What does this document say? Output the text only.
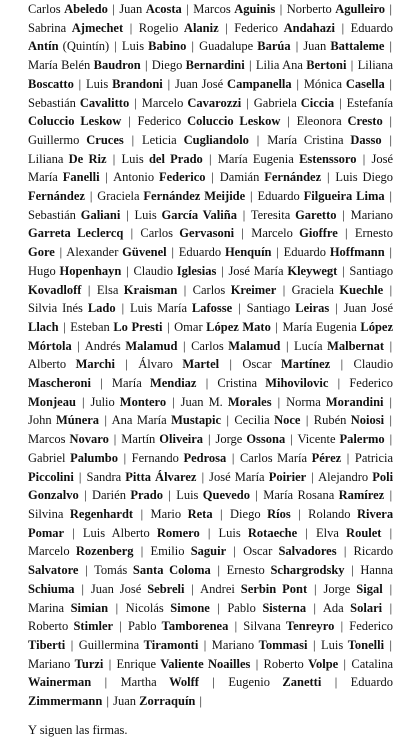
Carlos Abeledo | Juan Acosta | Marcos Aguinis | Norberto Agulleiro | Sabrina Ajmechet | Rogelio Alaniz | Federico Andahazi | Eduardo Antín (Quintín) | Luis Babino | Guadalupe Barúa | Juan Battaleme | María Belén Baudron | Diego Bernardini | Lilia Ana Bertoni | Liliana Boscatto | Luis Brandoni | Juan José Campanella | Mónica Casella | Sebastián Cavalitto | Marcelo Cavarozzi | Gabriela Ciccia | Estefanía Coluccio Leskow | Federico Coluccio Leskow | Eleonora Cresto | Guillermo Cruces | Leticia Cugliandolo | María Cristina Dasso | Liliana De Riz | Luis del Prado | María Eugenia Estenssoro | José María Fanelli | Antonio Federico | Damián Fernández | Luis Diego Fernández | Graciela Fernández Meijide | Eduardo Filgueira Lima | Sebastián Galiani | Luis García Valiña | Teresita Garetto | Mariano Garreta Leclercq | Carlos Gervasoni | Marcelo Gioffre | Ernesto Gore | Alexander Güvenel | Eduardo Henquín | Eduardo Hoffmann | Hugo Hopenhayn | Claudio Iglesias | José María Kleywegt | Santiago Kovadloff | Elsa Kraisman | Carlos Kreimer | Graciela Kuechle | Silvia Inés Lado | Luis María Lafosse | Santiago Leiras | Juan José Llach | Esteban Lo Presti | Omar López Mato | María Eugenia López Mórtola | Andrés Malamud | Carlos Malamud | Lucía Malbernat | Alberto Marchi | Álvaro Martel | Oscar Martínez | Claudio Mascheroni | María Mendiaz | Cristina Mihovilovic | Federico Monjeau | Julio Montero | Juan M. Morales | Norma Morandini | John Múnera | Ana María Mustapic | Cecilia Noce | Rubén Noiosi | Marcos Novaro | Martín Oliveira | Jorge Ossona | Vicente Palermo | Gabriel Palumbo | Fernando Pedrosa | Carlos María Pérez | Patricia Piccolini | Sandra Pitta Álvarez | José María Poirier | Alejandro Poli Gonzalvo | Darién Prado | Luis Quevedo | María Rosana Ramírez | Silvina Regenhardt | Mario Reta | Diego Ríos | Rolando Rivera Pomar | Luis Alberto Romero | Luis Rotaeche | Elva Roulet | Marcelo Rozenberg | Emilio Saguir | Oscar Salvadores | Ricardo Salvatore | Tomás Santa Coloma | Ernesto Schargrodsky | Hanna Schiuma | Juan José Sebreli | Andrei Serbin Pont | Jorge Sigal | Marina Simian | Nicolás Simone | Pablo Sisterna | Ada Solari | Roberto Stimler | Pablo Tamborenea | Silvana Tenreyro | Federico Tiberti | Guillermina Tiramonti | Mariano Tommasi | Luis Tonelli | Mariano Turzi | Enrique Valiente Noailles | Roberto Volpe | Catalina Wainerman | Martha Wolff | Eugenio Zanetti | Eduardo Zimmermann | Juan Zorraquín |

Y siguen las firmas.
